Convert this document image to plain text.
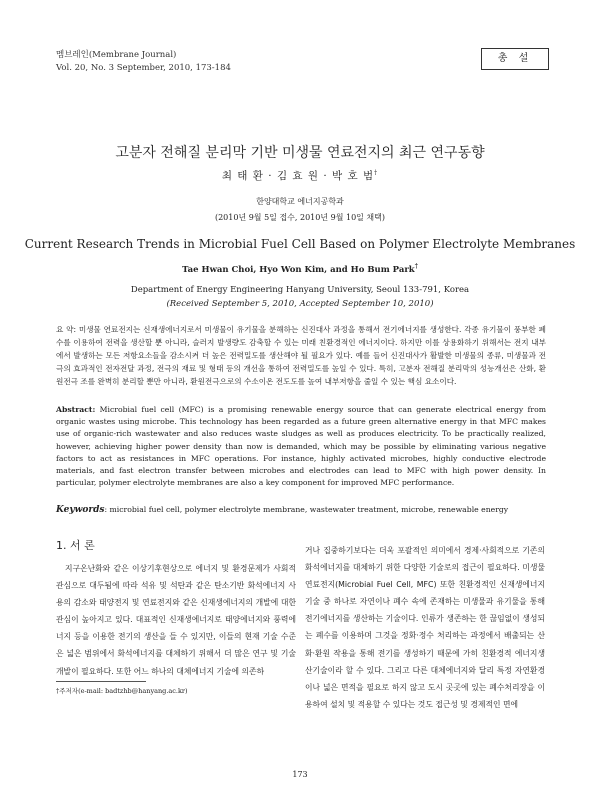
멤브레인(Membrane Journal)
Vol. 20, No. 3 September, 2010, 173-184
총 설
고분자 전해질 분리막 기반 미생물 연료전지의 최근 연구동향
최 태 환 · 김 효 원 · 박 호 범†
한양대학교 에너지공학과
(2010년 9월 5일 접수, 2010년 9월 10일 채택)
Current Research Trends in Microbial Fuel Cell Based on Polymer Electrolyte Membranes
Tae Hwan Choi, Hyo Won Kim, and Ho Bum Park†
Department of Energy Engineering Hanyang University, Seoul 133-791, Korea
(Received September 5, 2010, Accepted September 10, 2010)
요 약: 미생물 연료전지는 신재생에너지로서 미생물이 유기물을 분해하는 신진대사 과정을 통해서 전기에너지를 생성한다. 각종 유기물이 풍부한 폐수를 이용하여 전력을 생산할 뿐 아니라, 슬러지 발생량도 감축할 수 있는 미래 친환경적인 에너지이다. 하지만 이를 상용화하기 위해서는 전지 내부에서 발생하는 모든 저항요소들을 감소시켜 더 높은 전력밀도를 생산해야 될 필요가 있다. 예를 들어 신진대사가 활발한 미생물의 종류, 미생물과 전극의 효과적인 전자전달 과정, 전극의 재료 및 형태 등의 개선을 통하여 전력밀도를 높일 수 있다. 특히, 고분자 전해질 분리막의 성능개선은 산화, 환원전극 조를 완벽히 분리할 뿐만 아니라, 환원전극으로의 수소이온 전도도를 높여 내부저항을 줄일 수 있는 핵심 요소이다.
Abstract: Microbial fuel cell (MFC) is a promising renewable energy source that can generate electrical energy from organic wastes using microbe. This technology has been regarded as a future green alternative energy in that MFC makes use of organic-rich wastewater and also reduces waste sludges as well as produces electricity. To be practically realized, however, achieving higher power density than now is demanded, which may be possible by eliminating various negative factors to act as resistances in MFC operations. For instance, highly activated microbes, highly conductive electrode materials, and fast electron transfer between microbes and electrodes can lead to MFC with high power density. In particular, polymer electrolyte membranes are also a key component for improved MFC performance.
Keywords: microbial fuel cell, polymer electrolyte membrane, wastewater treatment, microbe, renewable energy
1. 서 론
지구온난화와 같은 이상기후현상으로 에너지 및 환경문제가 사회적 관심으로 대두됨에 따라 석유 및 석탄과 같은 탄소기반 화석에너지 사용의 감소와 태양전지 및 연료전지와 같은 신재생에너지의 개발에 대한 관심이 높아지고 있다. 대표적인 신재생에너지로 태양에너지와 풍력에너지 등을 이용한 전기의 생산을 들 수 있지만, 이들의 현재 기술 수준은 넓은 범위에서 화석에너지를 대체하기 위해서 더 많은 연구 및 기술개발이 필요하다. 또한 어느 하나의 대체에너지 기술에 의존하
거나 집중하기보다는 더욱 포괄적인 의미에서 경제·사회적으로 기존의 화석에너지를 대체하기 위한 다양한 기술로의 접근이 필요하다. 미생물 연료전지(Microbial Fuel Cell, MFC) 또한 친환경적인 신재생에너지 기술 중 하나로 자연이나 폐수 속에 존재하는 미생물과 유기물을 통해 전기에너지를 생산하는 기술이다. 인류가 생존하는 한 끊임없이 생성되는 폐수를 이용하며 그것을 정화·정수 처리하는 과정에서 배출되는 산화·환원 작용을 통해 전기를 생성하기 때문에 가히 친환경적 에너지생산기술이라 할 수 있다. 그리고 다른 대체에너지와 달리 특정 자연환경이나 넓은 면적을 필요로 하지 않고 도시 곳곳에 있는 폐수처리장을 이용하여 설치 및 적용할 수 있다는 것도 접근성 및 경제적인 면에
†주저자(e-mail: badtzhb@hanyang.ac.kr)
173
